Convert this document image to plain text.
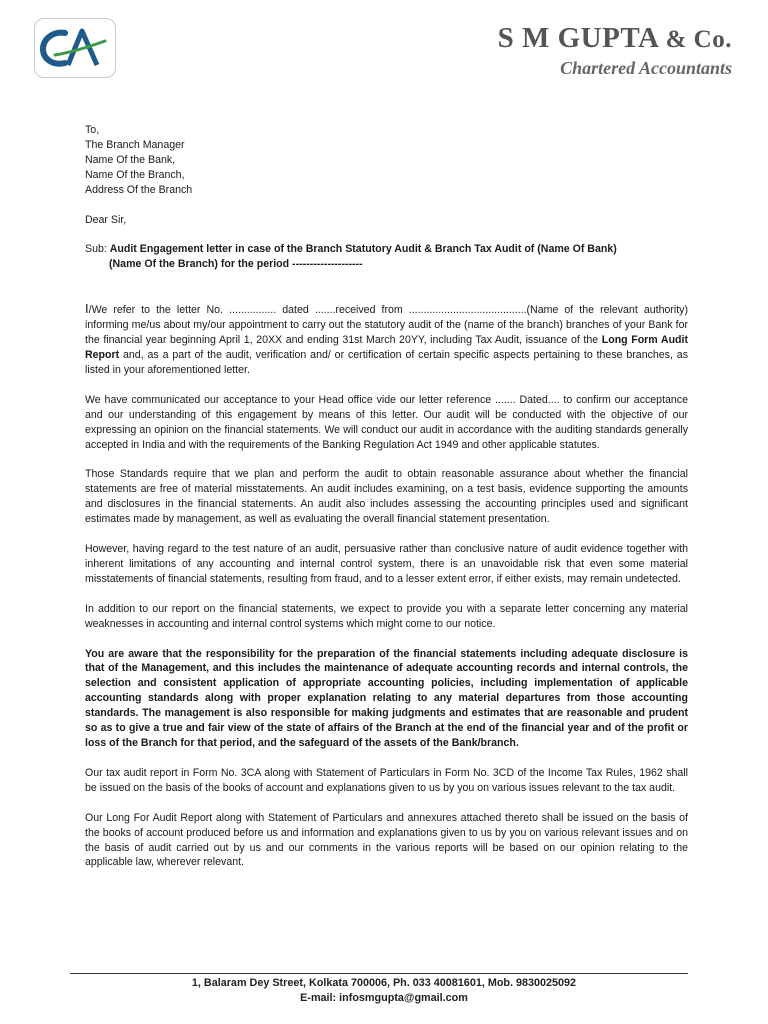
S M GUPTA & Co.
Chartered Accountants

To,
The Branch Manager
Name Of the Bank,
Name Of the Branch,
Address Of the Branch

Dear Sir,

Sub: Audit Engagement letter in case of the Branch Statutory Audit & Branch Tax Audit of (Name Of Bank)
(Name Of the Branch) for the period --------------------

I/We refer to the letter No. ................ dated .......received from ........................................(Name of the relevant authority) informing me/us about my/our appointment to carry out the statutory audit of the (name of the branch) branches of your Bank for the financial year beginning April 1, 20XX and ending 31st March 20YY, including Tax Audit, issuance of the Long Form Audit Report and, as a part of the audit, verification and/ or certification of certain specific aspects pertaining to these branches, as listed in your aforementioned letter.

We have communicated our acceptance to your Head office vide our letter reference ....... Dated.... to confirm our acceptance and our understanding of this engagement by means of this letter. Our audit will be conducted with the objective of our expressing an opinion on the financial statements. We will conduct our audit in accordance with the auditing standards generally accepted in India and with the requirements of the Banking Regulation Act 1949 and other applicable statutes.

Those Standards require that we plan and perform the audit to obtain reasonable assurance about whether the financial statements are free of material misstatements. An audit includes examining, on a test basis, evidence supporting the amounts and disclosures in the financial statements. An audit also includes assessing the accounting principles used and significant estimates made by management, as well as evaluating the overall financial statement presentation.

However, having regard to the test nature of an audit, persuasive rather than conclusive nature of audit evidence together with inherent limitations of any accounting and internal control system, there is an unavoidable risk that even some material misstatements of financial statements, resulting from fraud, and to a lesser extent error, if either exists, may remain undetected.

In addition to our report on the financial statements, we expect to provide you with a separate letter concerning any material weaknesses in accounting and internal control systems which might come to our notice.

You are aware that the responsibility for the preparation of the financial statements including adequate disclosure is that of the Management, and this includes the maintenance of adequate accounting records and internal controls, the selection and consistent application of appropriate accounting policies, including implementation of applicable accounting standards along with proper explanation relating to any material departures from those accounting standards. The management is also responsible for making judgments and estimates that are reasonable and prudent so as to give a true and fair view of the state of affairs of the Branch at the end of the financial year and of the profit or loss of the Branch for that period, and the safeguard of the assets of the Bank/branch.

Our tax audit report in Form No. 3CA along with Statement of Particulars in Form No. 3CD of the Income Tax Rules, 1962 shall be issued on the basis of the books of account and explanations given to us by you on various issues relevant to the tax audit.

Our Long For Audit Report along with Statement of Particulars and annexures attached thereto shall be issued on the basis of the books of account produced before us and information and explanations given to us by you on various relevant issues and on the basis of audit carried out by us and our comments in the various reports will be based on our opinion relating to the applicable law, wherever relevant.

1, Balaram Dey Street, Kolkata 700006, Ph. 033 40081601, Mob. 9830025092
E-mail: infosmgupta@gmail.com
